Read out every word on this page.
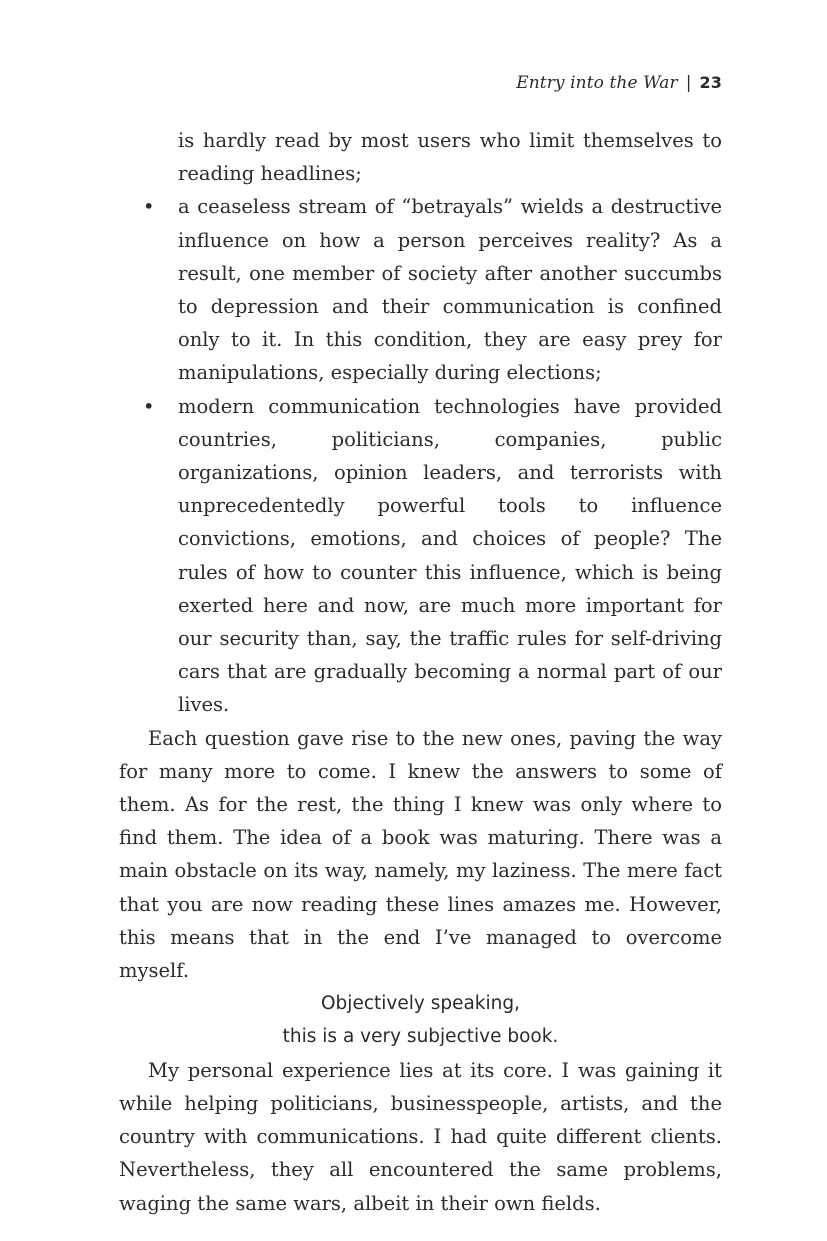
Entry into the War | 23

is hardly read by most users who limit themselves to reading headlines;

• a ceaseless stream of “betrayals” wields a destructive influence on how a person perceives reality? As a result, one member of society after another succumbs to depression and their communication is confined only to it. In this condition, they are easy prey for manipulations, especially during elections;

• modern communication technologies have provided countries, politicians, companies, public organizations, opinion leaders, and terrorists with unprecedentedly powerful tools to influence convictions, emotions, and choices of people? The rules of how to counter this influence, which is being exerted here and now, are much more important for our security than, say, the traffic rules for self-driving cars that are gradually becoming a normal part of our lives.

Each question gave rise to the new ones, paving the way for many more to come. I knew the answers to some of them. As for the rest, the thing I knew was only where to find them. The idea of a book was maturing. There was a main obstacle on its way, namely, my laziness. The mere fact that you are now reading these lines amazes me. However, this means that in the end I’ve managed to overcome myself.

Objectively speaking,

this is a very subjective book.

My personal experience lies at its core. I was gaining it while helping politicians, businesspeople, artists, and the country with communications. I had quite different clients. Nevertheless, they all encountered the same problems, waging the same wars, albeit in their own fields.
